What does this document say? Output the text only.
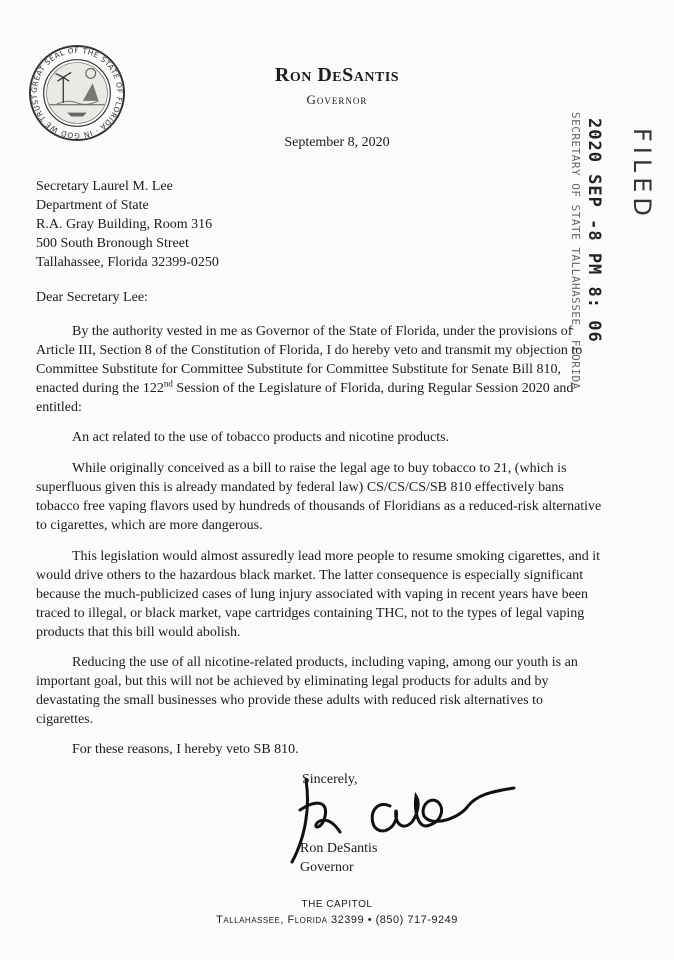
GREAT SEAL OF THE STATE OF FLORIDA · IN GOD WE TRUST
Ron DeSantis
Governor
September 8, 2020	2020 SEP -8 PM 8: 06
SECRETARY OF STATE TALLAHASSEE, FLORIDA FILED
Secretary Laurel M. Lee
Department of State
R.A. Gray Building, Room 316
500 South Bronough Street
Tallahassee, Florida 32399-0250
Dear Secretary Lee:
By the authority vested in me as Governor of the State of Florida, under the provisions of Article III, Section 8 of the Constitution of Florida, I do hereby veto and transmit my objection to Committee Substitute for Committee Substitute for Committee Substitute for Senate Bill 810, enacted during the 122nd Session of the Legislature of Florida, during Regular Session 2020 and entitled:
An act related to the use of tobacco products and nicotine products.
While originally conceived as a bill to raise the legal age to buy tobacco to 21, (which is superfluous given this is already mandated by federal law) CS/CS/CS/SB 810 effectively bans tobacco free vaping flavors used by hundreds of thousands of Floridians as a reduced-risk alternative to cigarettes, which are more dangerous.
This legislation would almost assuredly lead more people to resume smoking cigarettes, and it would drive others to the hazardous black market. The latter consequence is especially significant because the much-publicized cases of lung injury associated with vaping in recent years have been traced to illegal, or black market, vape cartridges containing THC, not to the types of legal vaping products that this bill would abolish.
Reducing the use of all nicotine-related products, including vaping, among our youth is an important goal, but this will not be achieved by eliminating legal products for adults and by devastating the small businesses who provide these adults with reduced risk alternatives to cigarettes.
For these reasons, I hereby veto SB 810.
Sincerely,
Ron DeSantis
Governor
THE CAPITOL
Tallahassee, Florida 32399 • (850) 717-9249
